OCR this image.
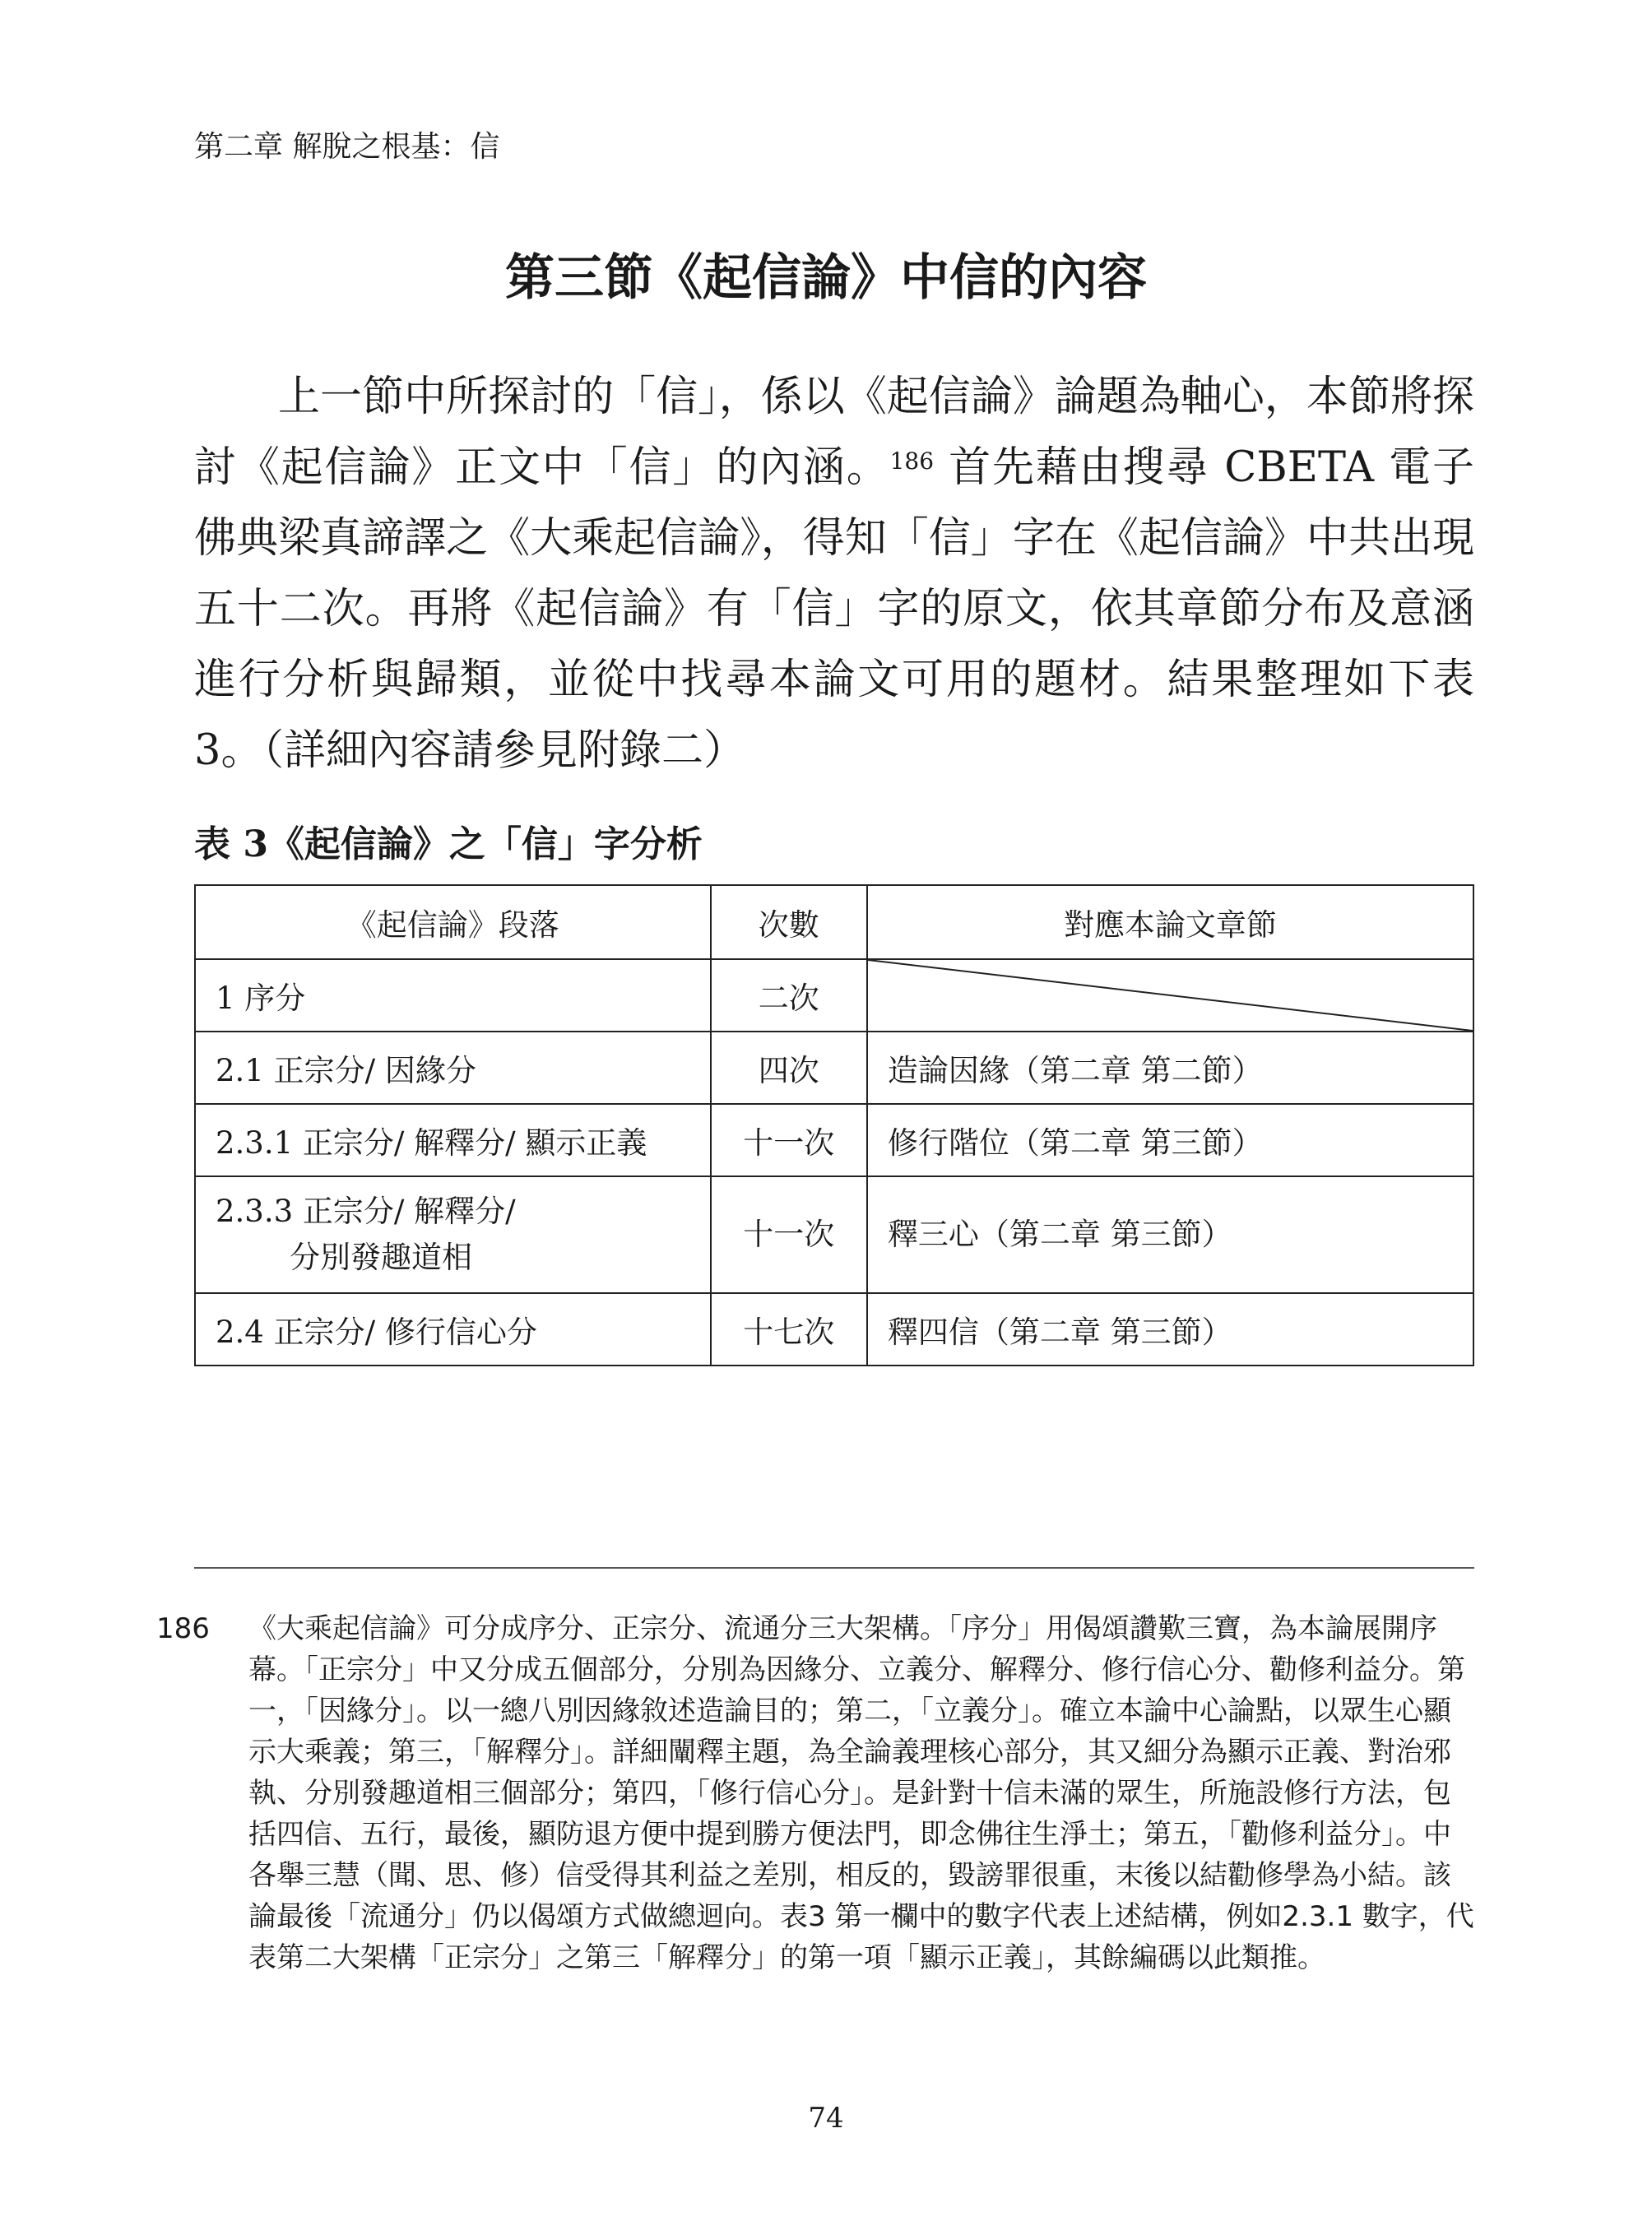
第二章 解脫之根基：信
第三節《起信論》中信的內容
上一節中所探討的「信」，係以《起信論》論題為軸心，本節將探討《起信論》正文中「信」的內涵。$^{186}$ 首先藉由搜尋 CBETA 電子佛典梁真諦譯之《大乘起信論》，得知「信」字在《起信論》中共出現五十二次。再將《起信論》有「信」字的原文，依其章節分布及意涵進行分析與歸類，並從中找尋本論文可用的題材。結果整理如下表 3。（詳細內容請參見附錄二）
表 3《起信論》之「信」字分析
《起信論》段落	次數	對應本論文章節
1 序分	二次	

2.1 正宗分/ 因緣分	四次	造論因緣（第二章 第二節）
2.3.1 正宗分/ 解釋分/ 顯示正義	十一次	修行階位（第二章 第三節）

2.3.3 正宗分/ 解釋分/
分別發趣道相	十一次	釋三心（第二章 第三節）
2.4 正宗分/ 修行信心分	十七次	釋四信（第二章 第三節）
186 《大乘起信論》可分成序分、正宗分、流通分三大架構。「序分」用偈頌讚歎三寶，為本論展開序幕。「正宗分」中又分成五個部分，分別為因緣分、立義分、解釋分、修行信心分、勸修利益分。第一，「因緣分」。以一總八別因緣敘述造論目的；第二，「立義分」。確立本論中心論點，以眾生心顯示大乘義；第三，「解釋分」。詳細闡釋主題，為全論義理核心部分，其又細分為顯示正義、對治邪執、分別發趣道相三個部分；第四，「修行信心分」。是針對十信未滿的眾生，所施設修行方法，包括四信、五行，最後，顯防退方便中提到勝方便法門，即念佛往生淨土；第五，「勸修利益分」。中各舉三慧（聞、思、修）信受得其利益之差別，相反的，毀謗罪很重，末後以結勸修學為小結。該論最後「流通分」仍以偈頌方式做總迴向。表3 第一欄中的數字代表上述結構，例如2.3.1 數字，代表第二大架構「正宗分」之第三「解釋分」的第一項「顯示正義」，其餘編碼以此類推。
74
